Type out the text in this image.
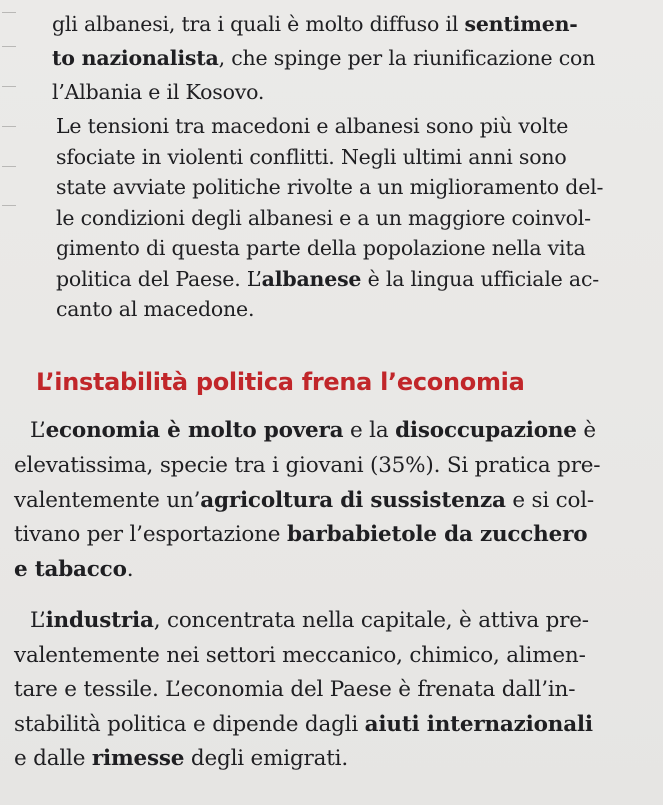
gli albanesi, tra i quali è molto diffuso il sentimen-
to nazionalista, che spinge per la riunificazione con
l’Albania e il Kosovo.

Le tensioni tra macedoni e albanesi sono più volte
sfociate in violenti conflitti. Negli ultimi anni sono
state avviate politiche rivolte a un miglioramento del-
le condizioni degli albanesi e a un maggiore coinvol-
gimento di questa parte della popolazione nella vita
politica del Paese. L’albanese è la lingua ufficiale ac-
canto al macedone.

L’instabilità politica frena l’economia

L’economia è molto povera e la disoccupazione è
elevatissima, specie tra i giovani (35%). Si pratica pre-
valentemente un’agricoltura di sussistenza e si col-
tivano per l’esportazione barbabietole da zucchero
e tabacco.

L’industria, concentrata nella capitale, è attiva pre-
valentemente nei settori meccanico, chimico, alimen-
tare e tessile. L’economia del Paese è frenata dall’in-
stabilità politica e dipende dagli aiuti internazionali
e dalle rimesse degli emigrati.
